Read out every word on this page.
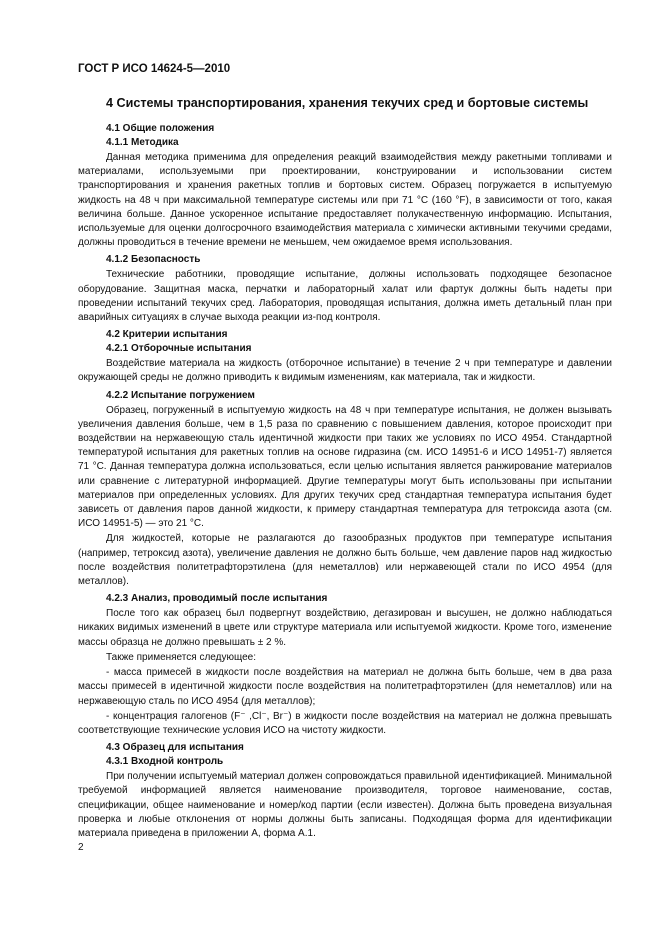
ГОСТ Р ИСО 14624-5—2010
4 Системы транспортирования, хранения текучих сред и бортовые системы
4.1 Общие положения
4.1.1 Методика

Данная методика применима для определения реакций взаимодействия между ракетными топливами и материалами, используемыми при проектировании, конструировании и использовании систем транспортирования и хранения ракетных топлив и бортовых систем. Образец погружается в испытуемую жидкость на 48 ч при максимальной температуре системы или при 71 °С (160 °F), в зависимости от того, какая величина больше. Данное ускоренное испытание предоставляет полукачественную информацию. Испытания, используемые для оценки долгосрочного взаимодействия материала с химически активными текучими средами, должны проводиться в течение времени не меньшем, чем ожидаемое время использования.

4.1.2 Безопасность

Технические работники, проводящие испытание, должны использовать подходящее безопасное оборудование. Защитная маска, перчатки и лабораторный халат или фартук должны быть надеты при проведении испытаний текучих сред. Лаборатория, проводящая испытания, должна иметь детальный план при аварийных ситуациях в случае выхода реакции из-под контроля.

4.2 Критерии испытания
4.2.1 Отборочные испытания

Воздействие материала на жидкость (отборочное испытание) в течение 2 ч при температуре и давлении окружающей среды не должно приводить к видимым изменениям, как материала, так и жидкости.

4.2.2 Испытание погружением

Образец, погруженный в испытуемую жидкость на 48 ч при температуре испытания, не должен вызывать увеличения давления больше, чем в 1,5 раза по сравнению с повышением давления, которое происходит при воздействии на нержавеющую сталь идентичной жидкости при таких же условиях по ИСО 4954. Стандартной температурой испытания для ракетных топлив на основе гидразина (см. ИСО 14951-6 и ИСО 14951-7) является 71 °С. Данная температура должна использоваться, если целью испытания является ранжирование материалов или сравнение с литературной информацией. Другие температуры могут быть использованы при испытании материалов при определенных условиях. Для других текучих сред стандартная температура испытания будет зависеть от давления паров данной жидкости, к примеру стандартная температура для тетроксида азота (см. ИСО 14951-5) — это 21 °С.

Для жидкостей, которые не разлагаются до газообразных продуктов при температуре испытания (например, тетроксид азота), увеличение давления не должно быть больше, чем давление паров над жидкостью после воздействия политетрафторэтилена (для неметаллов) или нержавеющей стали по ИСО 4954 (для металлов).

4.2.3 Анализ, проводимый после испытания

После того как образец был подвергнут воздействию, дегазирован и высушен, не должно наблюдаться никаких видимых изменений в цвете или структуре материала или испытуемой жидкости. Кроме того, изменение массы образца не должно превышать ± 2 %.

Также применяется следующее:

- масса примесей в жидкости после воздействия на материал не должна быть больше, чем в два раза массы примесей в идентичной жидкости после воздействия на политетрафторэтилен (для неметаллов) или на нержавеющую сталь по ИСО 4954 (для металлов);

- концентрация галогенов (F⁻ ,Cl⁻, Br⁻) в жидкости после воздействия на материал не должна превышать соответствующие технические условия ИСО на чистоту жидкости.

4.3 Образец для испытания
4.3.1 Входной контроль

При получении испытуемый материал должен сопровождаться правильной идентификацией. Минимальной требуемой информацией является наименование производителя, торговое наименование, состав, спецификации, общее наименование и номер/код партии (если известен). Должна быть проведена визуальная проверка и любые отклонения от нормы должны быть записаны. Подходящая форма для идентификации материала приведена в приложении А, форма А.1.

2
